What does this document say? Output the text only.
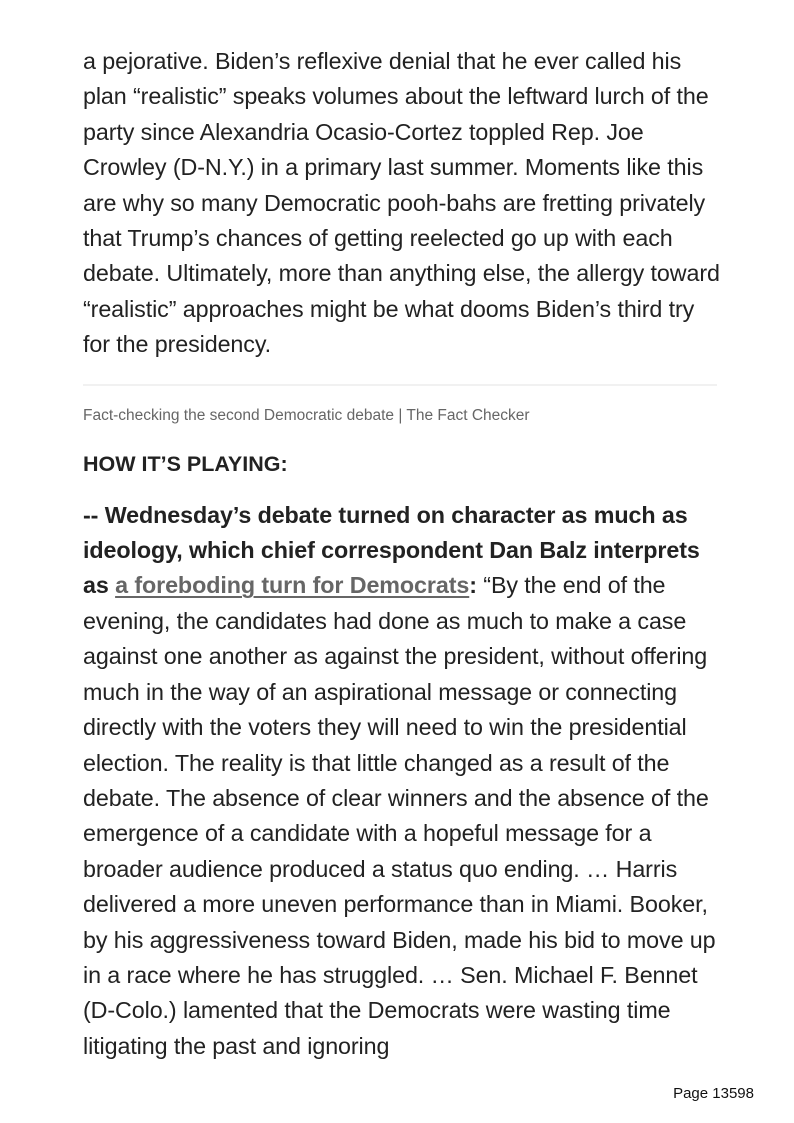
a pejorative. Biden’s reflexive denial that he ever called his plan “realistic” speaks volumes about the leftward lurch of the party since Alexandria Ocasio-Cortez toppled Rep. Joe Crowley (D-N.Y.) in a primary last summer. Moments like this are why so many Democratic pooh-bahs are fretting privately that Trump’s chances of getting reelected go up with each debate. Ultimately, more than anything else, the allergy toward “realistic” approaches might be what dooms Biden’s third try for the presidency.

Fact-checking the second Democratic debate | The Fact Checker

HOW IT’S PLAYING:

-- Wednesday’s debate turned on character as much as ideology, which chief correspondent Dan Balz interprets as a foreboding turn for Democrats: “By the end of the evening, the candidates had done as much to make a case against one another as against the president, without offering much in the way of an aspirational message or connecting directly with the voters they will need to win the presidential election. The reality is that little changed as a result of the debate. The absence of clear winners and the absence of the emergence of a candidate with a hopeful message for a broader audience produced a status quo ending. … Harris delivered a more uneven performance than in Miami. Booker, by his aggressiveness toward Biden, made his bid to move up in a race where he has struggled. … Sen. Michael F. Bennet (D-Colo.) lamented that the Democrats were wasting time litigating the past and ignoring

Page 13598
